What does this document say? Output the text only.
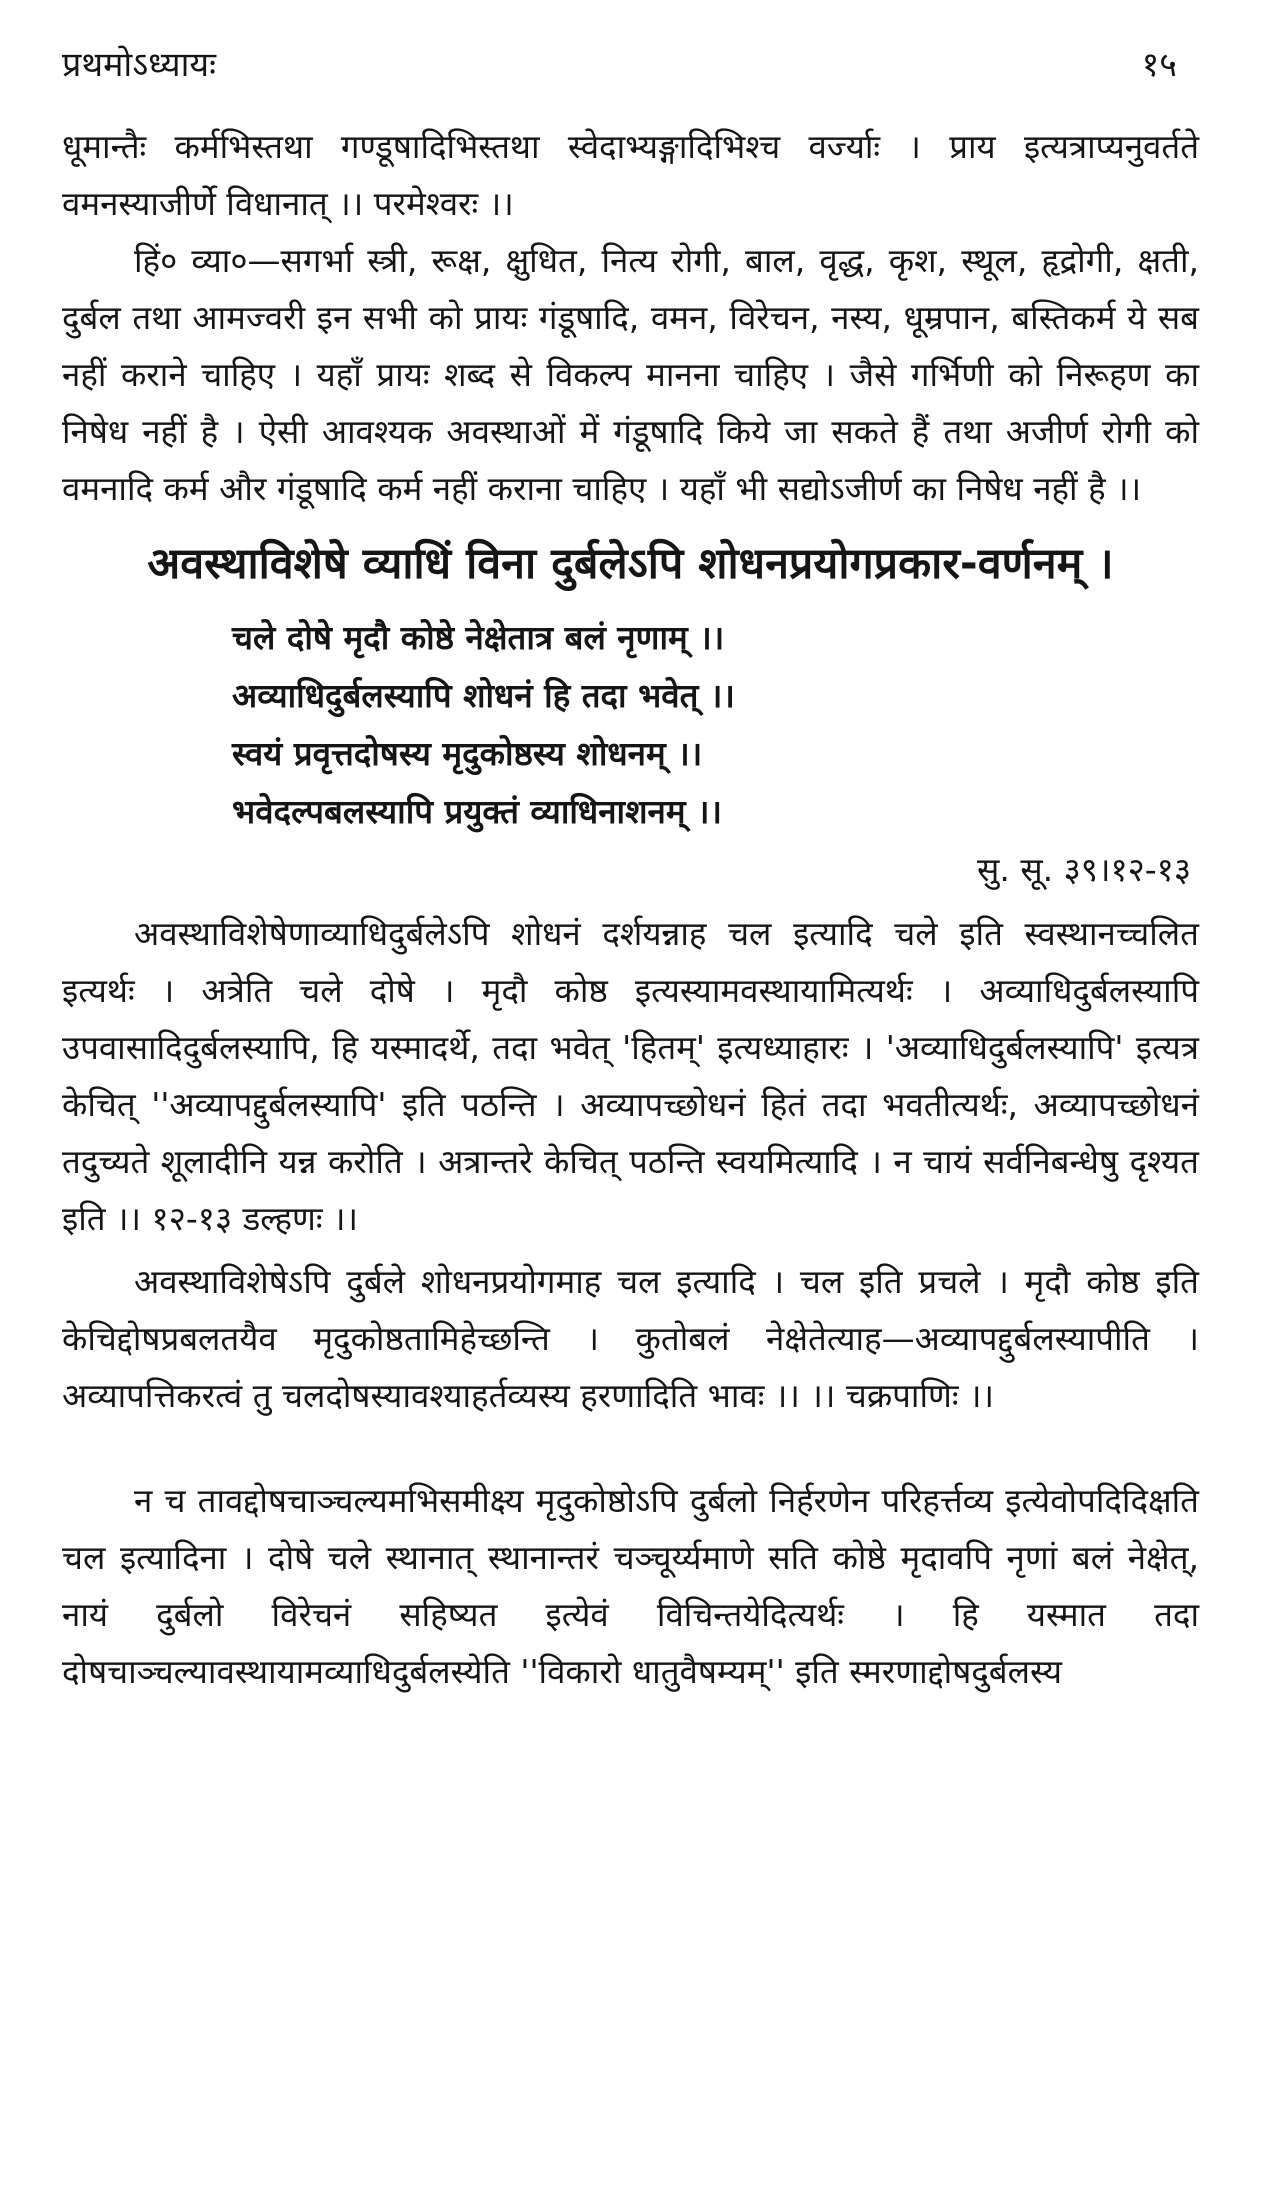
प्रथमोऽध्यायः	१५

धूमान्तैः कर्मभिस्तथा गण्डूषादिभिस्तथा स्वेदाभ्यङ्गादिभिश्च वर्ज्याः । प्राय इत्यत्राप्यनुवर्तते वमनस्याजीर्णे विधानात् ।। परमेश्वरः ।।

हिं० व्या०—सगर्भा स्त्री, रूक्ष, क्षुधित, नित्य रोगी, बाल, वृद्ध, कृश, स्थूल, हृद्रोगी, क्षती, दुर्बल तथा आमज्वरी इन सभी को प्रायः गंडूषादि, वमन, विरेचन, नस्य, धूम्रपान, बस्तिकर्म ये सब नहीं कराने चाहिए । यहाँ प्रायः शब्द से विकल्प मानना चाहिए । जैसे गर्भिणी को निरूहण का निषेध नहीं है । ऐसी आवश्यक अवस्थाओं में गंडूषादि किये जा सकते हैं तथा अजीर्ण रोगी को वमनादि कर्म और गंडूषादि कर्म नहीं कराना चाहिए । यहाँ भी सद्योऽजीर्ण का निषेध नहीं है ।।

अवस्थाविशेषे व्याधिं विना दुर्बलेऽपि शोधनप्रयोगप्रकार-वर्णनम् ।
चले दोषे मृदौ कोष्ठे नेक्षेतात्र बलं नृणाम् ।।
अव्याधिदुर्बलस्यापि शोधनं हि तदा भवेत् ।।
स्वयं प्रवृत्तदोषस्य मृदुकोष्ठस्य शोधनम् ।।
भवेदल्पबलस्यापि प्रयुक्तं व्याधिनाशनम् ।।
सु. सू. ३९।१२-१३

अवस्थाविशेषेणाव्याधिदुर्बलेऽपि शोधनं दर्शयन्नाह चल इत्यादि चले इति स्वस्थानच्चलित इत्यर्थः । अत्रेति चले दोषे । मृदौ कोष्ठ इत्यस्यामवस्थायामित्यर्थः । अव्याधिदुर्बलस्यापि उपवासादिदुर्बलस्यापि, हि यस्मादर्थे, तदा भवेत् 'हितम्' इत्यध्याहारः । 'अव्याधिदुर्बलस्यापि' इत्यत्र केचित् ''अव्यापद्दुर्बलस्यापि' इति पठन्ति । अव्यापच्छोधनं हितं तदा भवतीत्यर्थः, अव्यापच्छोधनं तदुच्यते शूलादीनि यन्न करोति । अत्रान्तरे केचित् पठन्ति स्वयमित्यादि । न चायं सर्वनिबन्धेषु दृश्यत इति ।। १२-१३ डल्हणः ।।

अवस्थाविशेषेऽपि दुर्बले शोधनप्रयोगमाह चल इत्यादि । चल इति प्रचले । मृदौ कोष्ठ इति केचिद्दोषप्रबलतयैव मृदुकोष्ठतामिहेच्छन्ति । कुतोबलं नेक्षेतेत्याह—अव्यापद्दुर्बलस्यापीति । अव्यापत्तिकरत्वं तु चलदोषस्यावश्याहर्तव्यस्य हरणादिति भावः ।। ।। चक्रपाणिः ।।

न च तावद्दोषचाञ्चल्यमभिसमीक्ष्य मृदुकोष्ठोऽपि दुर्बलो निर्हरणेन परिहर्त्तव्य इत्येवोपदिदिक्षति चल इत्यादिना । दोषे चले स्थानात् स्थानान्तरं चञ्चूर्य्यमाणे सति कोष्ठे मृदावपि नृणां बलं नेक्षेत्, नायं दुर्बलो विरेचनं सहिष्यत इत्येवं विचिन्तयेदित्यर्थः । हि यस्मात तदा दोषचाञ्चल्यावस्थायामव्याधिदुर्बलस्येति ''विकारो धातुवैषम्यम्'' इति स्मरणाद्दोषदुर्बलस्य
